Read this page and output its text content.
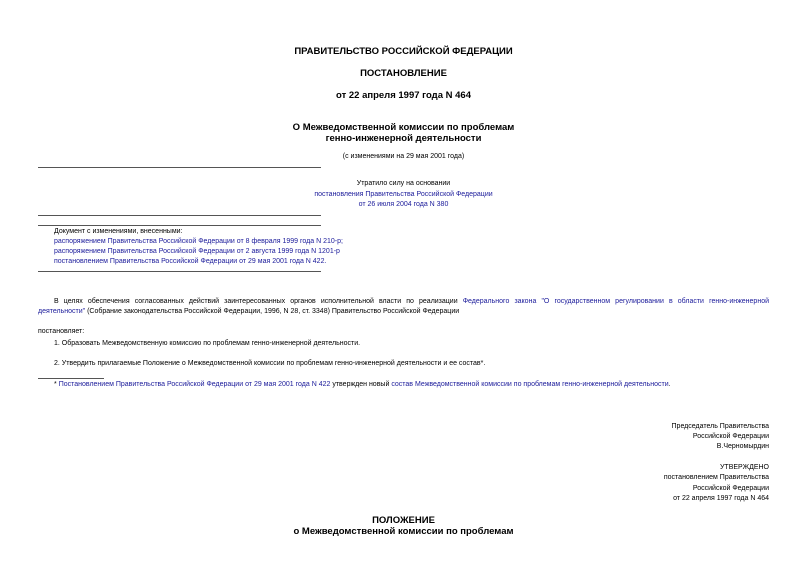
ПРАВИТЕЛЬСТВО РОССИЙСКОЙ ФЕДЕРАЦИИ
ПОСТАНОВЛЕНИЕ
от 22 апреля 1997 года N 464
О Межведомственной комиссии по проблемам
генно-инженерной деятельности
(с изменениями на 29 мая 2001 года)
Утратило силу на основании
постановления Правительства Российской Федерации
от 26 июля 2004 года N 380
Документ с изменениями, внесенными:
распоряжением Правительства Российской Федерации от 8 февраля 1999 года N 210-р;
распоряжением Правительства Российской Федерации от 2 августа 1999 года N 1201-р
постановлением Правительства Российской Федерации от 29 мая 2001 года N 422.
В целях обеспечения согласованных действий заинтересованных органов исполнительной власти по реализации Федерального закона "О государственном регулировании в области генно-инженерной
деятельности" (Собрание законодательства Российской Федерации, 1996, N 28, ст. 3348) Правительство Российской Федерации
постановляет:
1. Образовать Межведомственную комиссию по проблемам генно-инженерной деятельности.
2. Утвердить прилагаемые Положение о Межведомственной комиссии по проблемам генно-инженерной деятельности и ее состав*.
* Постановлением Правительства Российской Федерации от 29 мая 2001 года N 422 утвержден новый состав Межведомственной комиссии по проблемам генно-инженерной деятельности.
Председатель Правительства
Российской Федерации
В.Черномырдин
УТВЕРЖДЕНО
постановлением Правительства
Российской Федерации
от 22 апреля 1997 года N 464
ПОЛОЖЕНИЕ
о Межведомственной комиссии по проблемам
